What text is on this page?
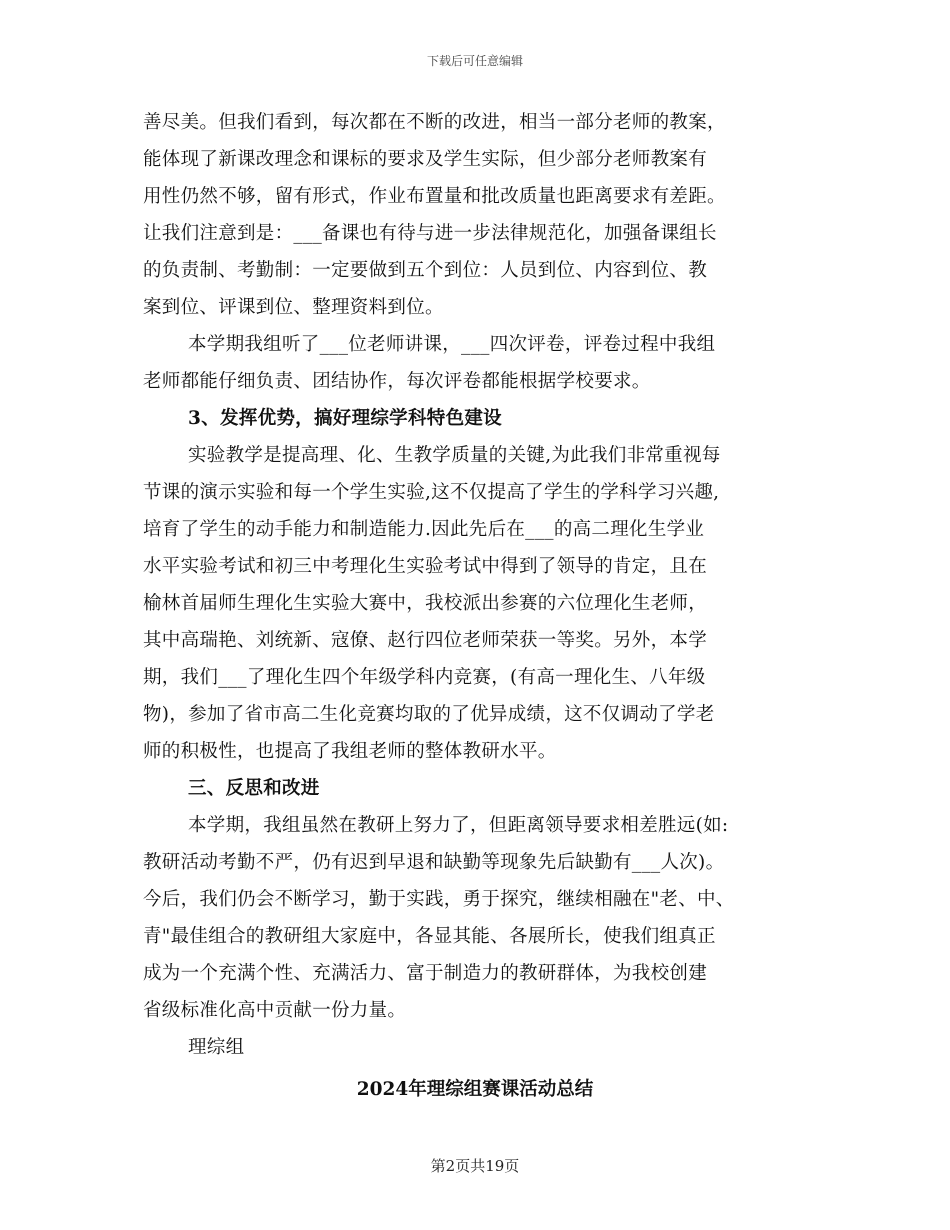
下载后可任意编辑
善尽美。但我们看到，每次都在不断的改进，相当一部分老师的教案，
能体现了新课改理念和课标的要求及学生实际，但少部分老师教案有
用性仍然不够，留有形式，作业布置量和批改质量也距离要求有差距。
让我们注意到是：___备课也有待与进一步法律规范化，加强备课组长
的负责制、考勤制：一定要做到五个到位：人员到位、内容到位、教
案到位、评课到位、整理资料到位。
本学期我组听了___位老师讲课，___四次评卷，评卷过程中我组
老师都能仔细负责、团结协作，每次评卷都能根据学校要求。
3、发挥优势，搞好理综学科特色建设
实验教学是提高理、化、生教学质量的关键,为此我们非常重视每
节课的演示实验和每一个学生实验,这不仅提高了学生的学科学习兴趣,
培育了学生的动手能力和制造能力.因此先后在___的高二理化生学业
水平实验考试和初三中考理化生实验考试中得到了领导的肯定，且在
榆林首届师生理化生实验大赛中，我校派出参赛的六位理化生老师，
其中高瑞艳、刘统新、寇僚、赵行四位老师荣获一等奖。另外，本学
期，我们___了理化生四个年级学科内竞赛，(有高一理化生、八年级
物)，参加了省市高二生化竞赛均取的了优异成绩，这不仅调动了学老
师的积极性，也提高了我组老师的整体教研水平。
三、反思和改进
本学期，我组虽然在教研上努力了，但距离领导要求相差胜远(如:
教研活动考勤不严，仍有迟到早退和缺勤等现象先后缺勤有___人次)。
今后，我们仍会不断学习，勤于实践，勇于探究，继续相融在"老、中、
青"最佳组合的教研组大家庭中，各显其能、各展所长，使我们组真正
成为一个充满个性、充满活力、富于制造力的教研群体，为我校创建
省级标准化高中贡献一份力量。
理综组
2024年理综组赛课活动总结
第2页共19页
